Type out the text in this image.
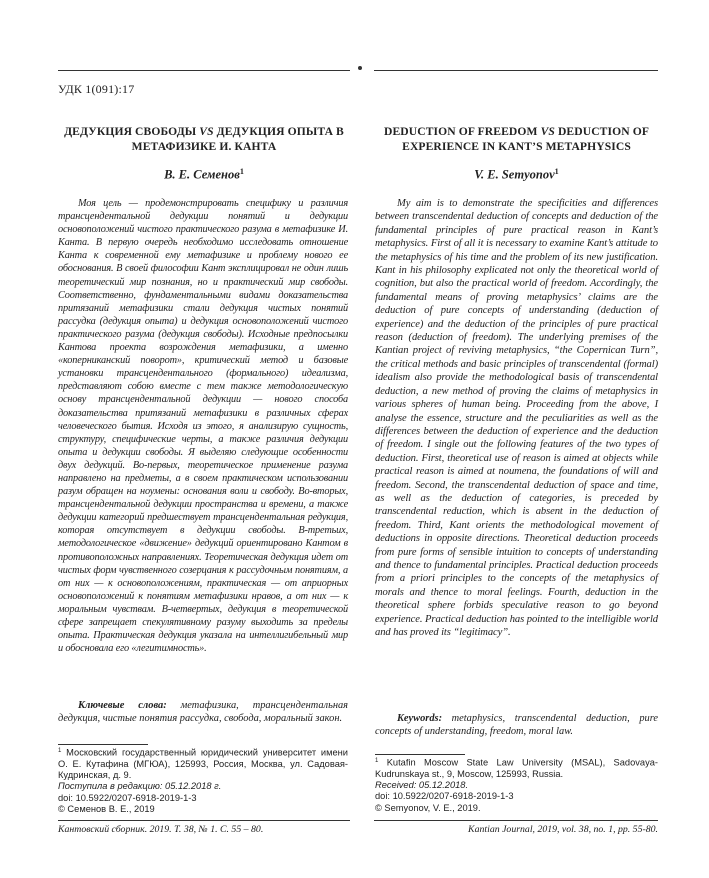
УДК 1(091):17
ДЕДУКЦИЯ СВОБОДЫ VS ДЕДУКЦИЯ ОПЫТА В МЕТАФИЗИКЕ И. КАНТА
В. Е. Семенов$^1$
Моя цель — продемонстрировать специфику и различия трансцендентальной дедукции понятий и дедукции основоположений чистого практического разума в метафизике И. Канта. В первую очередь необходимо исследовать отношение Канта к современной ему метафизике и проблему нового ее обоснования. В своей философии Кант эксплицировал не один лишь теоретический мир познания, но и практический мир свободы. Соответственно, фундаментальными видами доказательства притязаний метафизики стали дедукция чистых понятий рассудка (дедукция опыта) и дедукция основоположений чистого практического разума (дедукция свободы). Исходные предпосылки Кантова проекта возрождения метафизики, а именно «коперниканский поворот», критический метод и базовые установки трансцендентального (формального) идеализма, представляют собою вместе с тем также методологическую основу трансцендентальной дедукции — нового способа доказательства притязаний метафизики в различных сферах человеческого бытия. Исходя из этого, я анализирую сущность, структуру, специфические черты, а также различия дедукции опыта и дедукции свободы. Я выделяю следующие особенности двух дедукций. Во-первых, теоретическое применение разума направлено на предметы, а в своем практическом использовании разум обращен на ноумены: основания воли и свободу. Во-вторых, трансцендентальной дедукции пространства и времени, а также дедукции категорий предшествует трансцендентальная редукция, которая отсутствует в дедукции свободы. В-третьих, методологическое «движение» дедукций ориентировано Кантом в противоположных направлениях. Теоретическая дедукция идет от чистых форм чувственного созерцания к рассудочным понятиям, а от них — к основоположениям, практическая — от априорных основоположений к понятиям метафизики нравов, а от них — к моральным чувствам. В-четвертых, дедукция в теоретической сфере запрещает спекулятивному разуму выходить за пределы опыта. Практическая дедукция указала на интеллигибельный мир и обосновала его «легитимность».
Ключевые слова: метафизика, трансцендентальная дедукция, чистые понятия рассудка, свобода, моральный закон.

$^1$ Московский государственный юридический университет имени О. Е. Кутафина (МГЮА), 125993, Россия, Москва, ул. Садовая-Кудринская, д. 9.

Поступила в редакцию: 05.12.2018 г.

doi: 10.5922/0207-6918-2019-1-3

© Семенов В. Е., 2019

DEDUCTION OF FREEDOM VS DEDUCTION OF EXPERIENCE IN KANT’S METAPHYSICS
V. E. Semyonov$^1$
My aim is to demonstrate the specificities and differences between transcendental deduction of concepts and deduction of the fundamental principles of pure practical reason in Kant’s metaphysics. First of all it is necessary to examine Kant’s attitude to the metaphysics of his time and the problem of its new justification. Kant in his philosophy explicated not only the theoretical world of cognition, but also the practical world of freedom. Accordingly, the fundamental means of proving metaphysics’ claims are the deduction of pure concepts of understanding (deduction of experience) and the deduction of the principles of pure practical reason (deduction of freedom). The underlying premises of the Kantian project of reviving metaphysics, “the Copernican Turn”, the critical methods and basic principles of transcendental (formal) idealism also provide the methodological basis of transcendental deduction, a new method of proving the claims of metaphysics in various spheres of human being. Proceeding from the above, I analyse the essence, structure and the peculiarities as well as the differences between the deduction of experience and the deduction of freedom. I single out the following features of the two types of deduction. First, theoretical use of reason is aimed at objects while practical reason is aimed at noumena, the foundations of will and freedom. Second, the transcendental deduction of space and time, as well as the deduction of categories, is preceded by transcendental reduction, which is absent in the deduction of freedom. Third, Kant orients the methodological movement of deductions in opposite directions. Theoretical deduction proceeds from pure forms of sensible intuition to concepts of understanding and thence to fundamental principles. Practical deduction proceeds from a priori principles to the concepts of the metaphysics of morals and thence to moral feelings. Fourth, deduction in the theoretical sphere forbids speculative reason to go beyond experience. Practical deduction has pointed to the intelligible world and has proved its “legitimacy”.
Keywords: metaphysics, transcendental deduction, pure concepts of understanding, freedom, moral law.

$^1$ Kutafin Moscow State Law University (MSAL), Sadovaya-Kudrunskaya st., 9, Moscow, 125993, Russia.

Received: 05.12.2018.

doi: 10.5922/0207-6918-2019-1-3

© Semyonov, V. E., 2019.

Кантовский сборник. 2019. Т. 38, № 1. С. 55 – 80.	Kantian Journal, 2019, vol. 38, no. 1, pp. 55-80.
